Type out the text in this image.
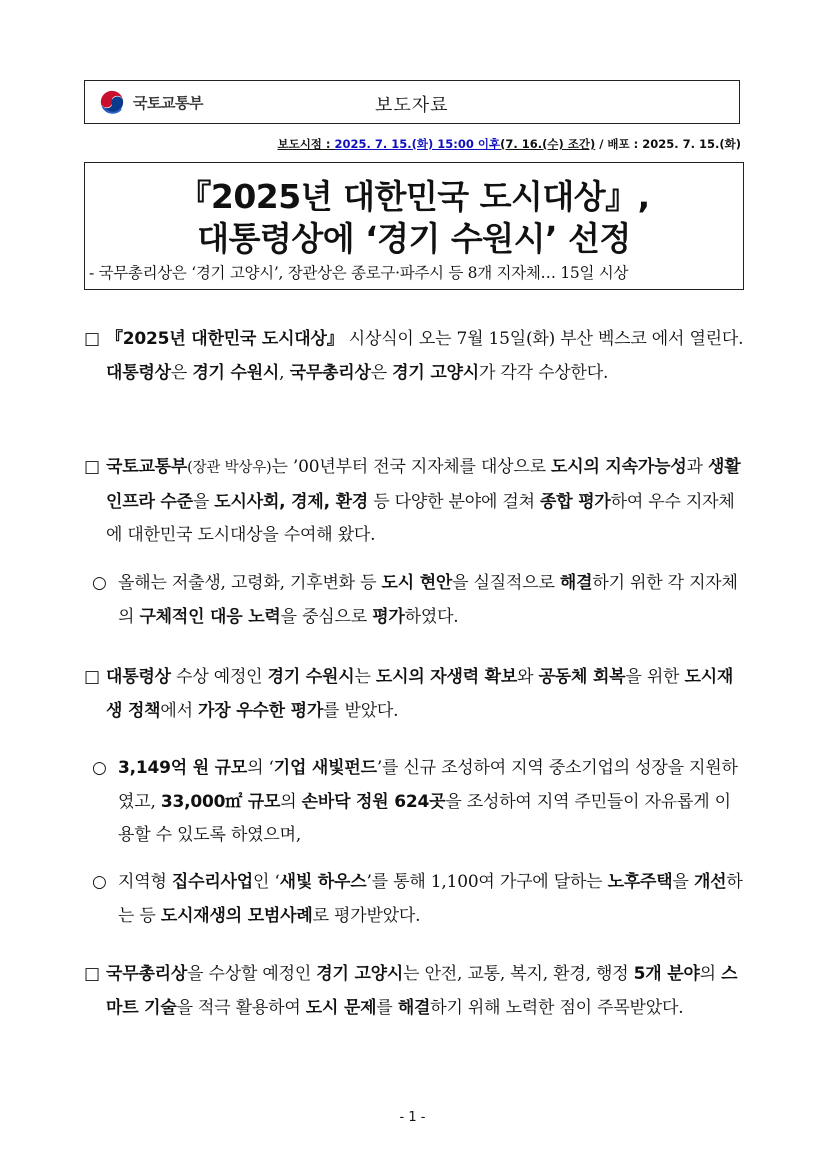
국토교통부	보도자료
보도시점 : 2025. 7. 15.(화) 15:00 이후(7. 16.(수) 조간) / 배포 : 2025. 7. 15.(화)
『2025년 대한민국 도시대상』,
대통령상에 ‘경기 수원시’ 선정
- 국무총리상은 ‘경기 고양시’, 장관상은 종로구·파주시 등 8개 지자체… 15일 시상
□ 『2025년 대한민국 도시대상』 시상식이 오는 7월 15일(화) 부산 벡스코 에서 열린다. 대통령상은 경기 수원시, 국무총리상은 경기 고양시가 각각 수상한다.
□ 국토교통부(장관 박상우)는 ’00년부터 전국 지자체를 대상으로 도시의 지속가능성과 생활 인프라 수준을 도시사회, 경제, 환경 등 다양한 분야에 걸쳐 종합 평가하여 우수 지자체에 대한민국 도시대상을 수여해 왔다.
○ 올해는 저출생, 고령화, 기후변화 등 도시 현안을 실질적으로 해결하기 위한 각 지자체의 구체적인 대응 노력을 중심으로 평가하였다.
□ 대통령상 수상 예정인 경기 수원시는 도시의 자생력 확보와 공동체 회복을 위한 도시재생 정책에서 가장 우수한 평가를 받았다.
○ 3,149억 원 규모의 ‘기업 새빛펀드’를 신규 조성하여 지역 중소기업의 성장을 지원하였고, 33,000㎡ 규모의 손바닥 정원 624곳을 조성하여 지역 주민들이 자유롭게 이용할 수 있도록 하였으며,
○ 지역형 집수리사업인 ‘새빛 하우스’를 통해 1,100여 가구에 달하는 노후주택을 개선하는 등 도시재생의 모범사례로 평가받았다.
□ 국무총리상을 수상할 예정인 경기 고양시는 안전, 교통, 복지, 환경, 행정 5개 분야의 스마트 기술을 적극 활용하여 도시 문제를 해결하기 위해 노력한 점이 주목받았다.
- 1 -
